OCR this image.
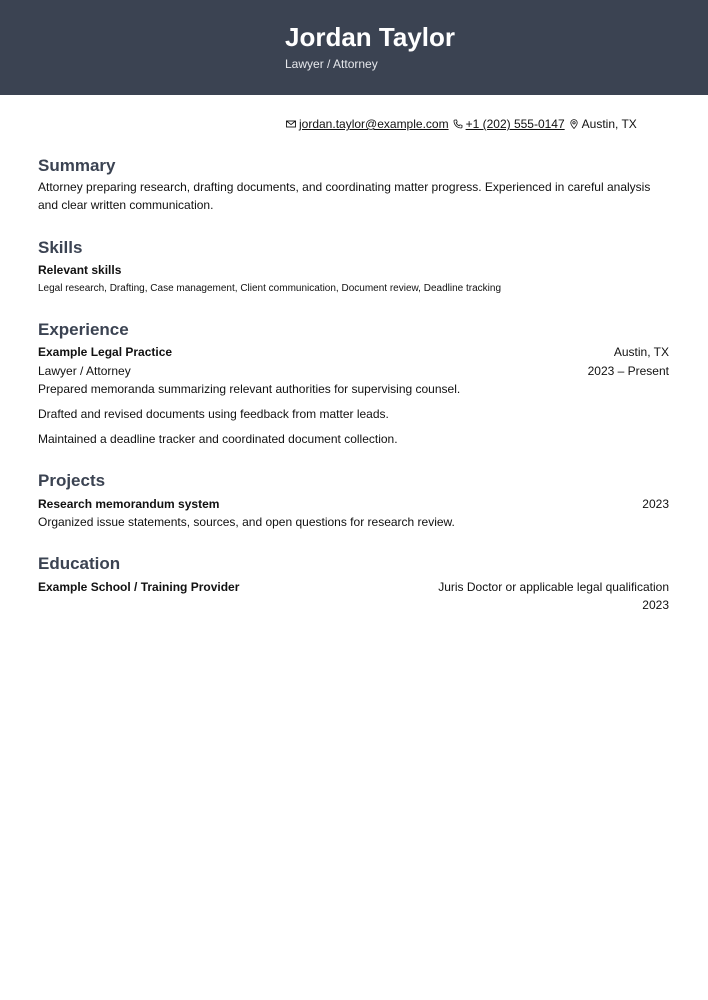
Jordan Taylor
Lawyer / Attorney
jordan.taylor@example.com +1 (202) 555-0147 Austin, TX
Summary
Attorney preparing research, drafting documents, and coordinating matter progress. Experienced in careful analysis and clear written communication.
Skills
Relevant skills
Legal research, Drafting, Case management, Client communication, Document review, Deadline tracking
Experience
Example Legal Practice	Austin, TX
Lawyer / Attorney	2023 – Present
Prepared memoranda summarizing relevant authorities for supervising counsel.
Drafted and revised documents using feedback from matter leads.
Maintained a deadline tracker and coordinated document collection.
Projects
Research memorandum system	2023
Organized issue statements, sources, and open questions for research review.
Education
Example School / Training Provider	Juris Doctor or applicable legal qualification
2023
